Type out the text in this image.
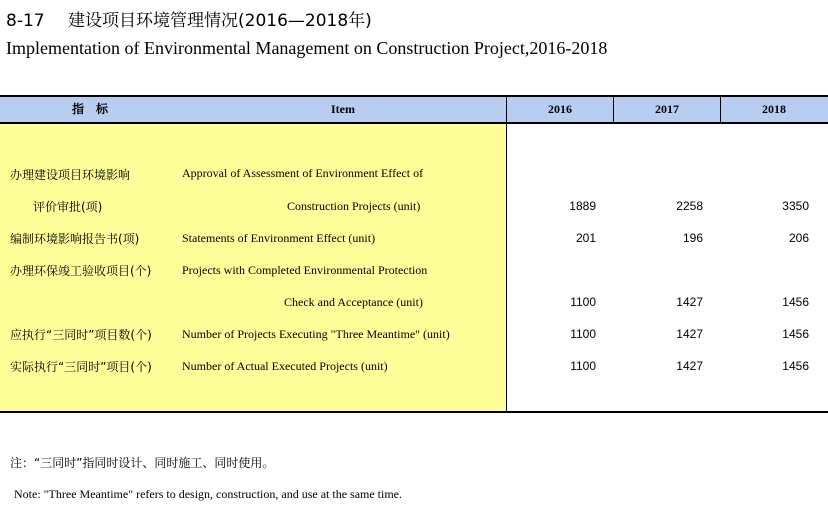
8-17 建设项目环境管理情况(2016—2018年)
Implementation of Environmental Management on Construction Project,2016-2018
指　标	Item	2016	2017	2018
办理建设项目环境影响
评价审批(项)
Approval of Assessment of Environment Effect of
Construction Projects (unit)	1889	2258	3350
编制环境影响报告书(项)	Statements of Environment Effect (unit)	201	196	206
办理环保竣工验收项目(个)	Projects with Completed Environmental Protection
Check and Acceptance (unit)	1100	1427	1456
应执行“三同时”项目数(个)	Number of Projects Executing "Three Meantime" (unit)	1100	1427	1456
实际执行“三同时”项目(个)	Number of Actual Executed Projects (unit)	1100	1427	1456
注：“三同时”指同时设计、同时施工、同时使用。
Note: "Three Meantime" refers to design, construction, and use at the same time.
